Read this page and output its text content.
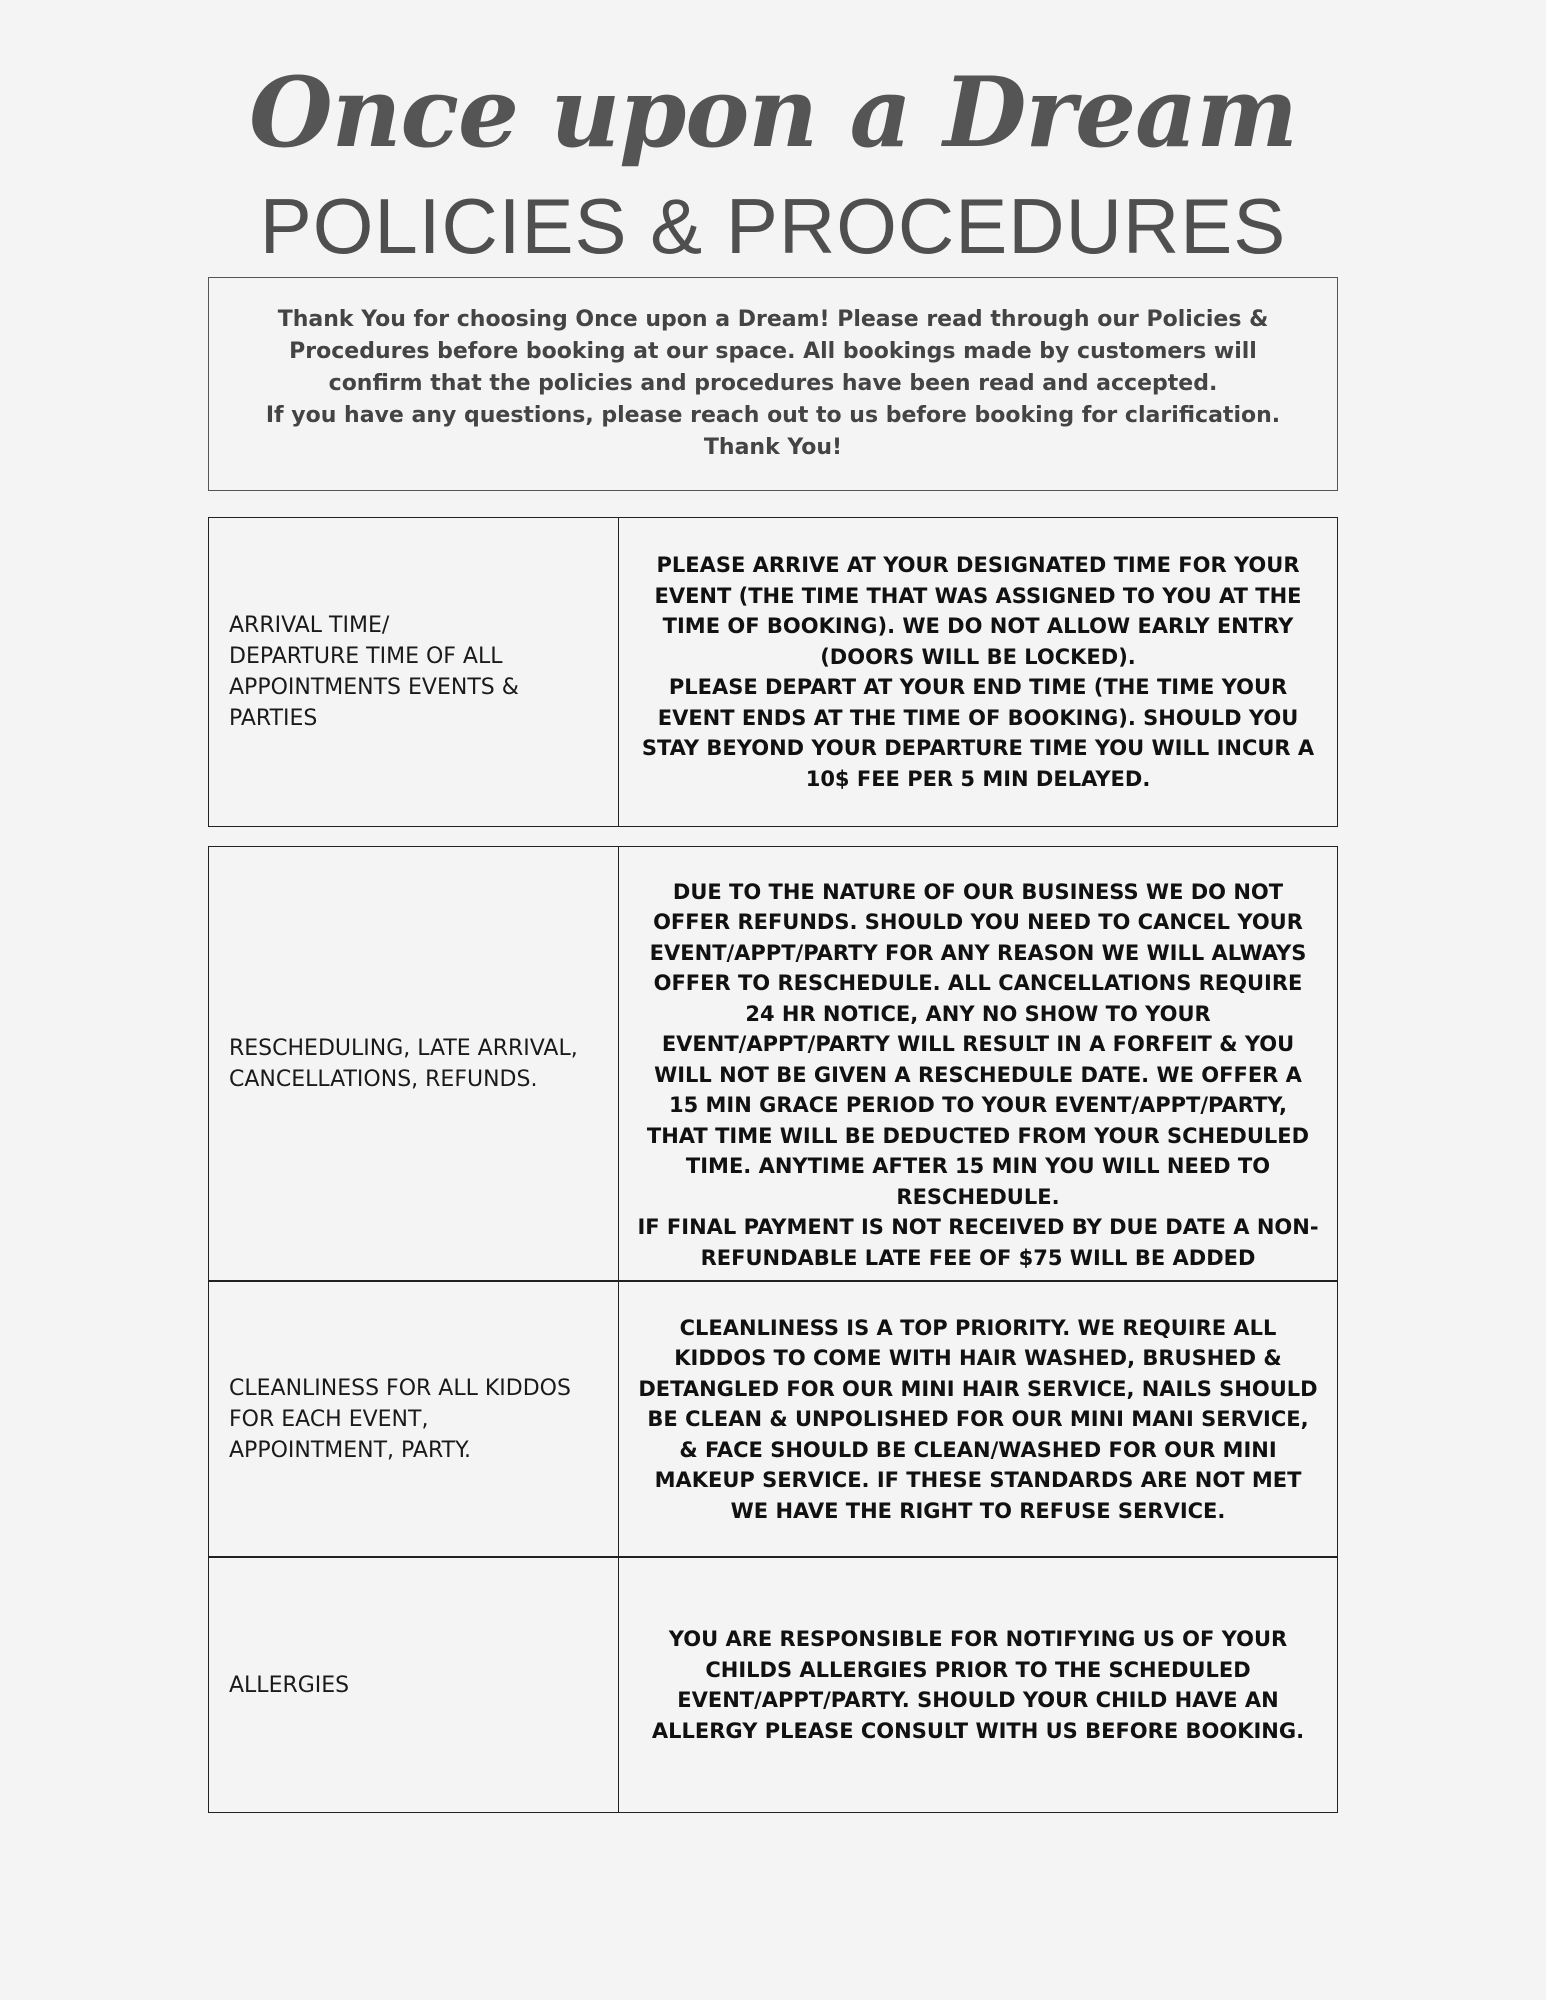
Once upon a Dream
POLICIES & PROCEDURES

Thank You for choosing Once upon a Dream! Please read through our Policies & Procedures before booking at our space. All bookings made by customers will confirm that the policies and procedures have been read and accepted.

If you have any questions, please reach out to us before booking for clarification.

Thank You!

ARRIVAL TIME/
DEPARTURE TIME OF ALL APPOINTMENTS EVENTS & PARTIES

PLEASE ARRIVE AT YOUR DESIGNATED TIME FOR YOUR EVENT (THE TIME THAT WAS ASSIGNED TO YOU AT THE TIME OF BOOKING). WE DO NOT ALLOW EARLY ENTRY (DOORS WILL BE LOCKED).

PLEASE DEPART AT YOUR END TIME (THE TIME YOUR EVENT ENDS AT THE TIME OF BOOKING). SHOULD YOU STAY BEYOND YOUR DEPARTURE TIME YOU WILL INCUR A 10$ FEE PER 5 MIN DELAYED.

RESCHEDULING, LATE ARRIVAL, CANCELLATIONS, REFUNDS.

DUE TO THE NATURE OF OUR BUSINESS WE DO NOT OFFER REFUNDS. SHOULD YOU NEED TO CANCEL YOUR EVENT/APPT/PARTY FOR ANY REASON WE WILL ALWAYS OFFER TO RESCHEDULE. ALL CANCELLATIONS REQUIRE 24 HR NOTICE, ANY NO SHOW TO YOUR EVENT/APPT/PARTY WILL RESULT IN A FORFEIT & YOU WILL NOT BE GIVEN A RESCHEDULE DATE. WE OFFER A 15 MIN GRACE PERIOD TO YOUR EVENT/APPT/PARTY, THAT TIME WILL BE DEDUCTED FROM YOUR SCHEDULED TIME. ANYTIME AFTER 15 MIN YOU WILL NEED TO RESCHEDULE.

IF FINAL PAYMENT IS NOT RECEIVED BY DUE DATE A NON-REFUNDABLE LATE FEE OF $75 WILL BE ADDED

CLEANLINESS FOR ALL KIDDOS FOR EACH EVENT, APPOINTMENT, PARTY.

CLEANLINESS IS A TOP PRIORITY. WE REQUIRE ALL KIDDOS TO COME WITH HAIR WASHED, BRUSHED & DETANGLED FOR OUR MINI HAIR SERVICE, NAILS SHOULD BE CLEAN & UNPOLISHED FOR OUR MINI MANI SERVICE, & FACE SHOULD BE CLEAN/WASHED FOR OUR MINI MAKEUP SERVICE. IF THESE STANDARDS ARE NOT MET WE HAVE THE RIGHT TO REFUSE SERVICE.

ALLERGIES

YOU ARE RESPONSIBLE FOR NOTIFYING US OF YOUR CHILDS ALLERGIES PRIOR TO THE SCHEDULED EVENT/APPT/PARTY. SHOULD YOUR CHILD HAVE AN ALLERGY PLEASE CONSULT WITH US BEFORE BOOKING.
